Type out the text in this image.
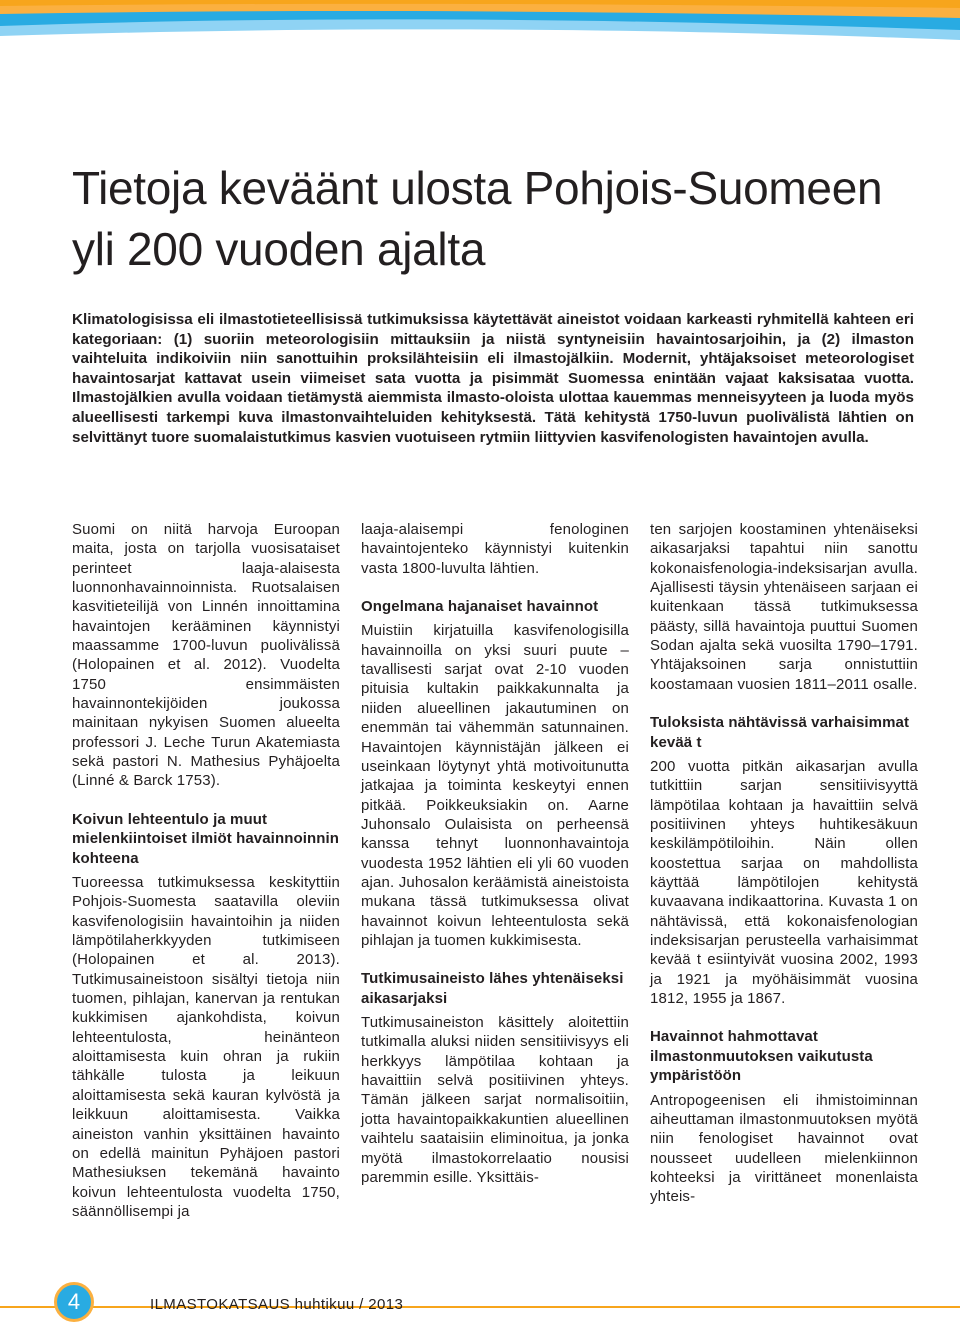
Tietoja keväänt ulosta Pohjois-Suomeen yli 200 vuoden ajalta

Klimatologisissa eli ilmastotieteellisissä tutkimuksissa käytettävät aineistot voidaan karkeasti ryhmitellä kahteen eri kategoriaan: (1) suoriin meteorologisiin mittauksiin ja niistä syntyneisiin havaintosarjoihin, ja (2) ilmaston vaihteluita indikoiviin niin sanottuihin proksilähteisiin eli ilmastojälkiin. Modernit, yhtäjaksoiset meteorologiset havaintosarjat kattavat usein viimeiset sata vuotta ja pisimmät Suomessa enintään vajaat kaksisataa vuotta. Ilmastojälkien avulla voidaan tietämystä aiemmista ilmasto-oloista ulottaa kauemmas menneisyyteen ja luoda myös alueellisesti tarkempi kuva ilmastonvaihteluiden kehityksestä. Tätä kehitystä 1750-luvun puolivälistä lähtien on selvittänyt tuore suomalaistutkimus kasvien vuotuiseen rytmiin liittyvien kasvifenologisten havaintojen avulla.

Suomi on niitä harvoja Euroopan maita, josta on tarjolla vuosisataiset perinteet laaja-alaisesta luonnonhavainnoinnista. Ruotsalaisen kasvitieteilijä von Linnén innoittamina havaintojen kerääminen käynnistyi maassamme 1700-luvun puolivälissä (Holopainen et al. 2012). Vuodelta 1750 ensimmäisten havainnontekijöiden joukossa mainitaan nykyisen Suomen alueelta professori J. Leche Turun Akatemiasta sekä pastori N. Mathesius Pyhäjoelta (Linné & Barck 1753).

Koivun lehteentulo ja muut mielenkiintoiset ilmiöt havainnoinnin kohteena

Tuoreessa tutkimuksessa keskityttiin Pohjois-Suomesta saatavilla oleviin kasvifenologisiin havaintoihin ja niiden lämpötilaherkkyyden tutkimiseen (Holopainen et al. 2013). Tutkimusaineistoon sisältyi tietoja niin tuomen, pihlajan, kanervan ja rentukan kukkimisen ajankohdista, koivun lehteentulosta, heinänteon aloittamisesta kuin ohran ja rukiin tähkälle tulosta ja leikuun aloittamisesta sekä kauran kylvöstä ja leikkuun aloittamisesta. Vaikka aineiston vanhin yksittäinen havainto on edellä mainitun Pyhäjoen pastori Mathesiuksen tekemänä havainto koivun lehteentulosta vuodelta 1750, säännöllisempi ja

laaja-alaisempi fenologinen havaintojenteko käynnistyi kuitenkin vasta 1800-luvulta lähtien.

Ongelmana hajanaiset havainnot

Muistiin kirjatuilla kasvifenologisilla havainnoilla on yksi suuri puute – tavallisesti sarjat ovat 2-10 vuoden pituisia kultakin paikkakunnalta ja niiden alueellinen jakautuminen on enemmän tai vähemmän satunnainen. Havaintojen käynnistäjän jälkeen ei useinkaan löytynyt yhtä motivoitunutta jatkajaa ja toiminta keskeytyi ennen pitkää. Poikkeuksiakin on. Aarne Juhonsalo Oulaisista on perheensä kanssa tehnyt luonnonhavaintoja vuodesta 1952 lähtien eli yli 60 vuoden ajan. Juhosalon keräämistä aineistoista mukana tässä tutkimuksessa olivat havainnot koivun lehteentulosta sekä pihlajan ja tuomen kukkimisesta.

Tutkimusaineisto lähes yhtenäiseksi aikasarjaksi

Tutkimusaineiston käsittely aloitettiin tutkimalla aluksi niiden sensitiivisyys eli herkkyys lämpötilaa kohtaan ja havaittiin selvä positiivinen yhteys. Tämän jälkeen sarjat normalisoitiin, jotta havaintopaikkakuntien alueellinen vaihtelu saataisiin eliminoitua, ja jonka myötä ilmastokorrelaatio nousisi paremmin esille. Yksittäis-

ten sarjojen koostaminen yhtenäiseksi aikasarjaksi tapahtui niin sanottu kokonaisfenologia-indeksisarjan avulla. Ajallisesti täysin yhtenäiseen sarjaan ei kuitenkaan tässä tutkimuksessa päästy, sillä havaintoja puuttui Suomen Sodan ajalta sekä vuosilta 1790–1791. Yhtäjaksoinen sarja onnistuttiin koostamaan vuosien 1811–2011 osalle.

Tuloksista nähtävissä varhaisimmat kevää t

200 vuotta pitkän aikasarjan avulla tutkittiin sarjan sensitiivisyyttä lämpötilaa kohtaan ja havaittiin selvä positiivinen yhteys huhtikesäkuun keskilämpötiloihin. Näin ollen koostettua sarjaa on mahdollista käyttää lämpötilojen kehitystä kuvaavana indikaattorina. Kuvasta 1 on nähtävissä, että kokonaisfenologian indeksisarjan perusteella varhaisimmat kevää t esiintyivät vuosina 2002, 1993 ja 1921 ja myöhäisimmät vuosina 1812, 1955 ja 1867.

Havainnot hahmottavat ilmastonmuutoksen vaikutusta ympäristöön

Antropogeenisen eli ihmistoiminnan aiheuttaman ilmastonmuutoksen myötä niin fenologiset havainnot ovat nousseet uudelleen mielenkiinnon kohteeksi ja virittäneet monenlaista yhteis-

4	ILMASTOKATSAUS huhtikuu / 2013
